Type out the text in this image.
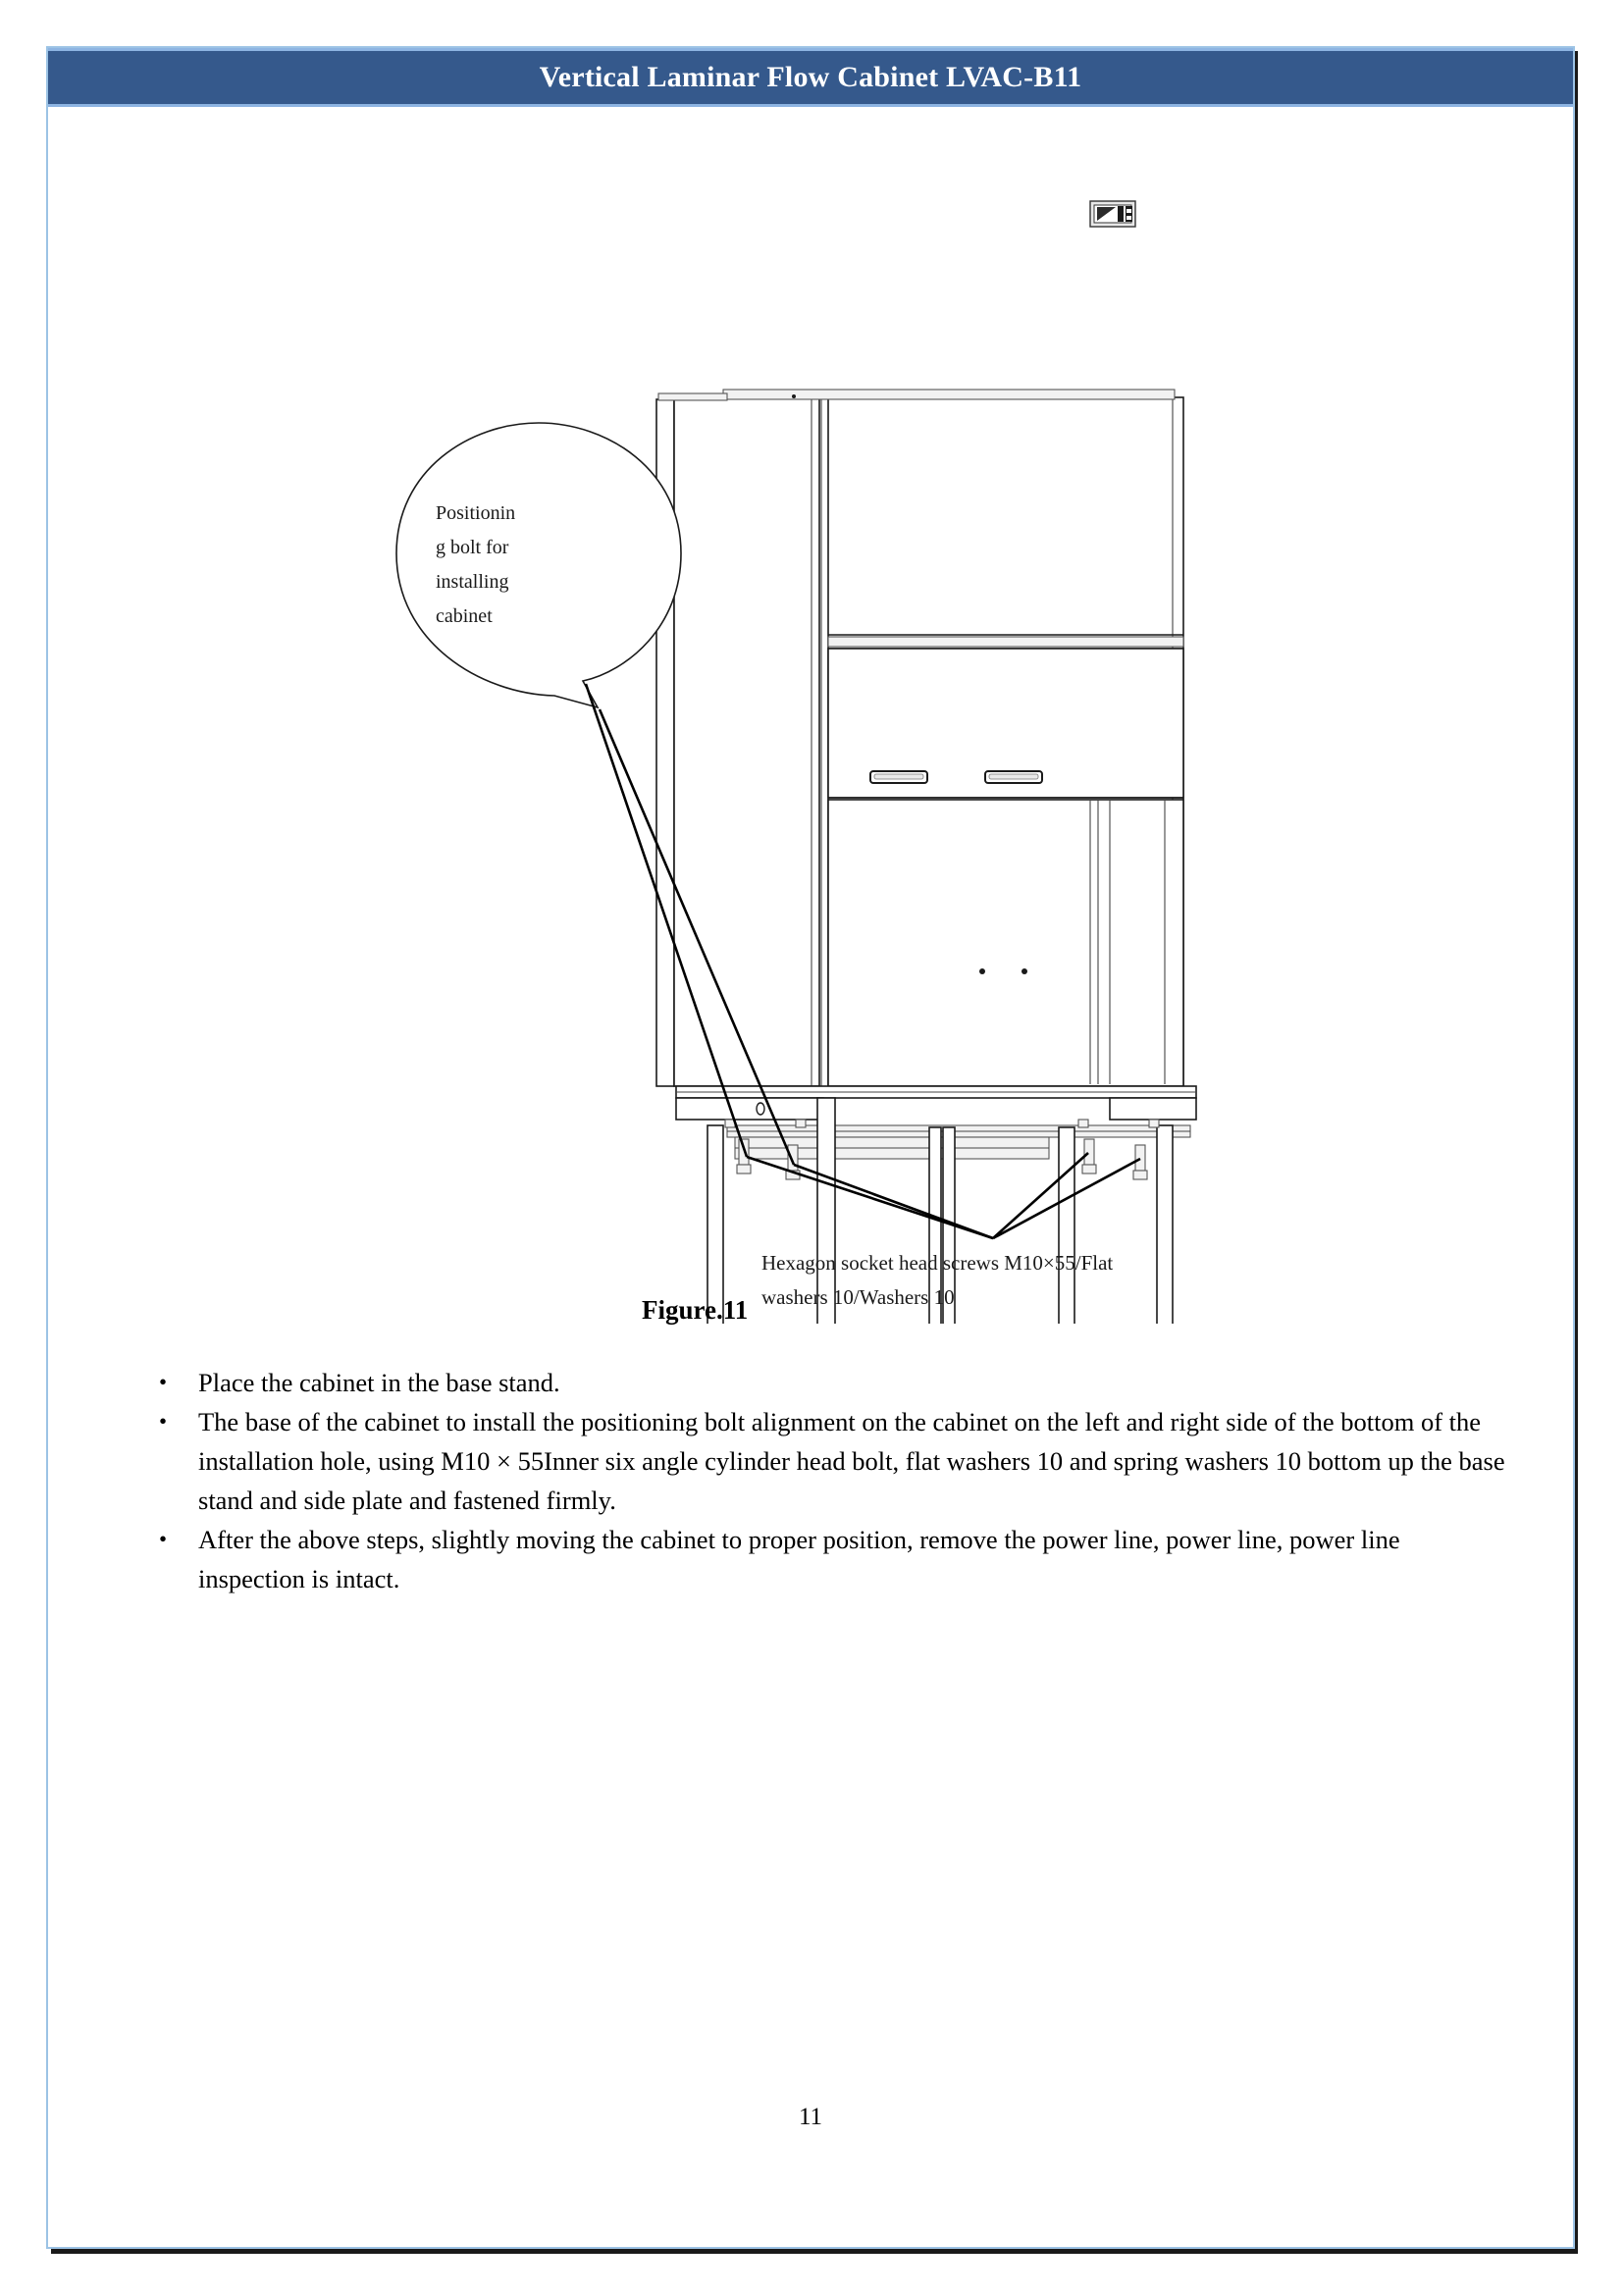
Vertical Laminar Flow Cabinet LVAC-B11
Positionin
g bolt for
installing
cabinet
Hexagon socket head screws M10×55/Flat
washers 10/Washers 10
Figure.11
•	Place the cabinet in the base stand.
•	The base of the cabinet to install the positioning bolt alignment on the cabinet on the left and right side of the bottom of the installation hole, using M10 × 55Inner six angle cylinder head bolt, flat washers 10 and spring washers 10 bottom up the base stand and side plate and fastened firmly.
•	After the above steps, slightly moving the cabinet to proper position, remove the power line, power line, power line inspection is intact.
11
